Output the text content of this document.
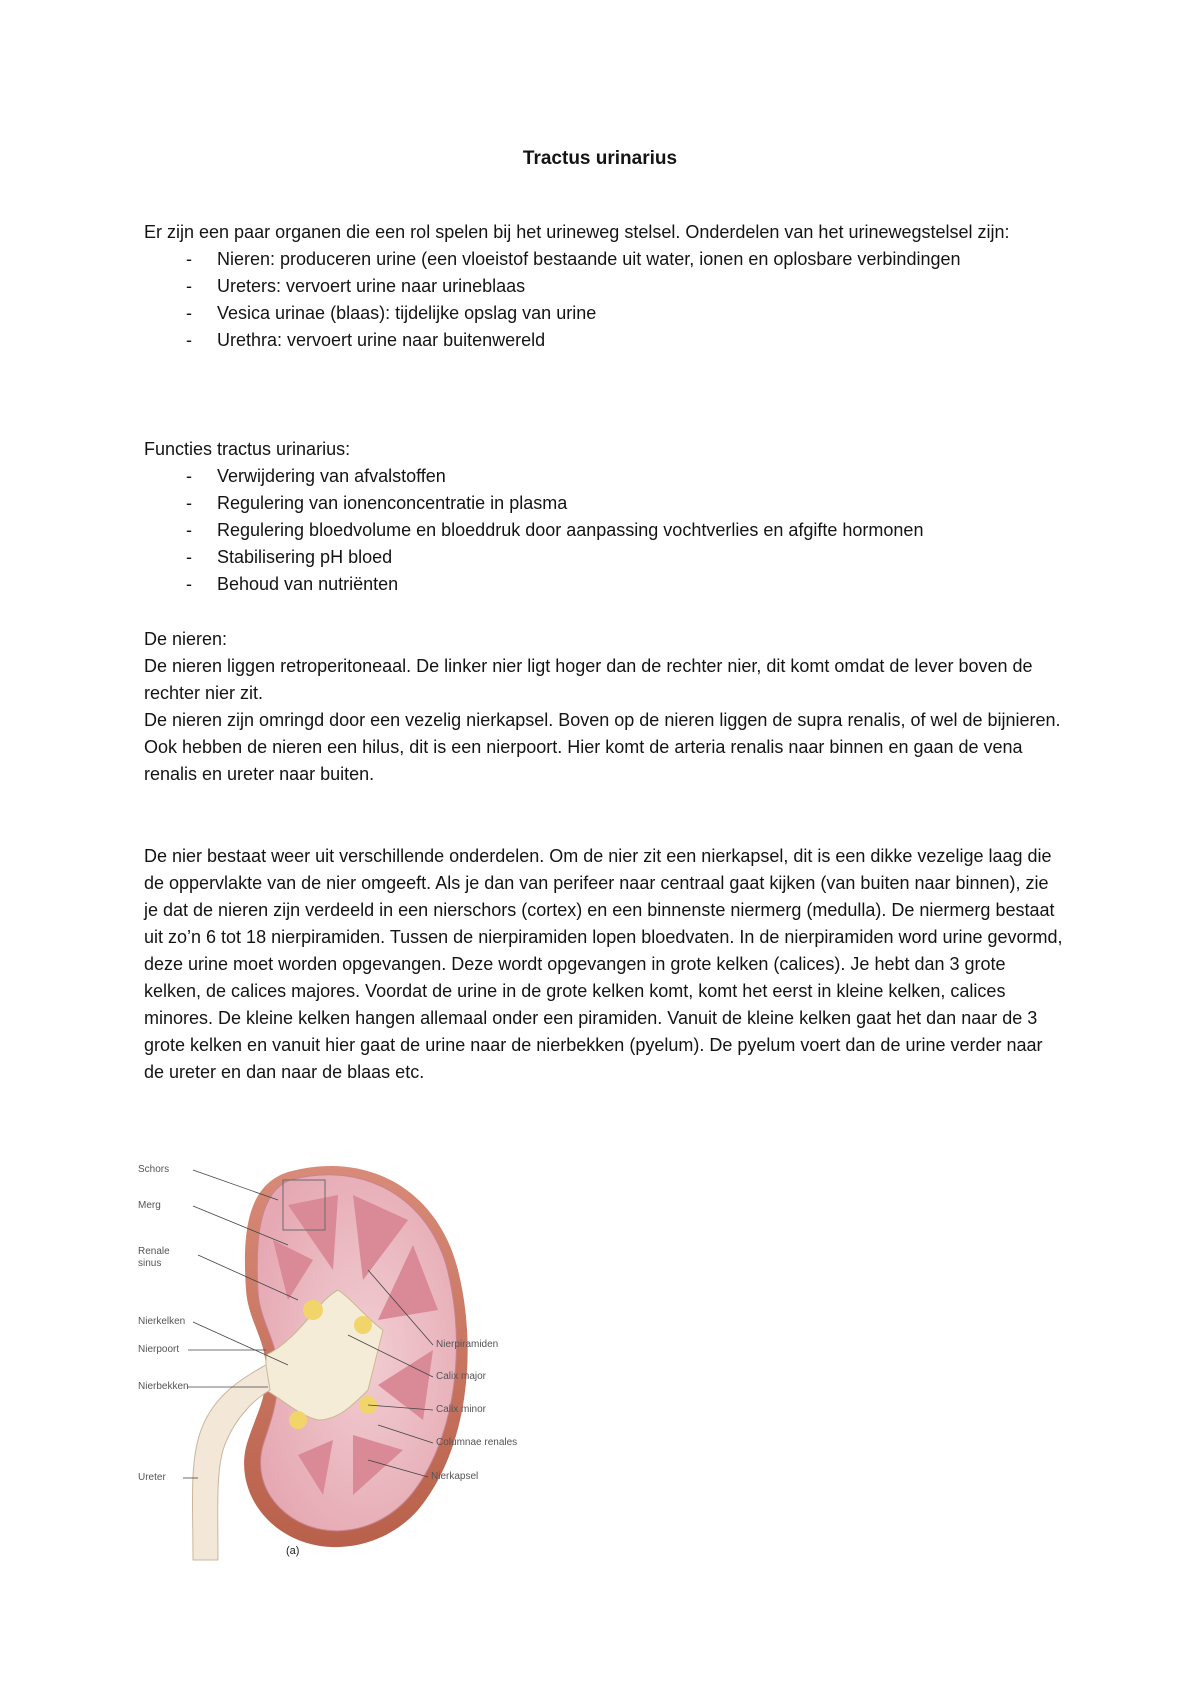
Tractus urinarius

Er zijn een paar organen die een rol spelen bij het urineweg stelsel. Onderdelen van het urinewegstelsel zijn:

- Nieren: produceren urine (een vloeistof bestaande uit water, ionen en oplosbare verbindingen
- Ureters: vervoert urine naar urineblaas
- Vesica urinae (blaas): tijdelijke opslag van urine
- Urethra: vervoert urine naar buitenwereld

Functies tractus urinarius:

- Verwijdering van afvalstoffen
- Regulering van ionenconcentratie in plasma
- Regulering bloedvolume en bloeddruk door aanpassing vochtverlies en afgifte hormonen
- Stabilisering pH bloed
- Behoud van nutriënten

De nieren:

De nieren liggen retroperitoneaal. De linker nier ligt hoger dan de rechter nier, dit komt omdat de lever boven de rechter nier zit.

De nieren zijn omringd door een vezelig nierkapsel. Boven op de nieren liggen de supra renalis, of wel de bijnieren.

Ook hebben de nieren een hilus, dit is een nierpoort. Hier komt de arteria renalis naar binnen en gaan de vena renalis en ureter naar buiten.

De nier bestaat weer uit verschillende onderdelen. Om de nier zit een nierkapsel, dit is een dikke vezelige laag die de oppervlakte van de nier omgeeft. Als je dan van perifeer naar centraal gaat kijken (van buiten naar binnen), zie je dat de nieren zijn verdeeld in een nierschors (cortex) en een binnenste niermerg (medulla). De niermerg bestaat uit zo’n 6 tot 18 nierpiramiden. Tussen de nierpiramiden lopen bloedvaten. In de nierpiramiden word urine gevormd, deze urine moet worden opgevangen. Deze wordt opgevangen in grote kelken (calices). Je hebt dan 3 grote kelken, de calices majores. Voordat de urine in de grote kelken komt, komt het eerst in kleine kelken, calices minores. De kleine kelken hangen allemaal onder een piramiden. Vanuit de kleine kelken gaat het dan naar de 3 grote kelken en vanuit hier gaat de urine naar de nierbekken (pyelum). De pyelum voert dan de urine verder naar de ureter en dan naar de blaas etc.

Schors
Merg
Renale sinus
Nierkelken
Nierpoort
Nierbekken
Ureter
Nierpiramiden
Calix major
Calix minor
Columnae renales
Nierkapsel
(a)
